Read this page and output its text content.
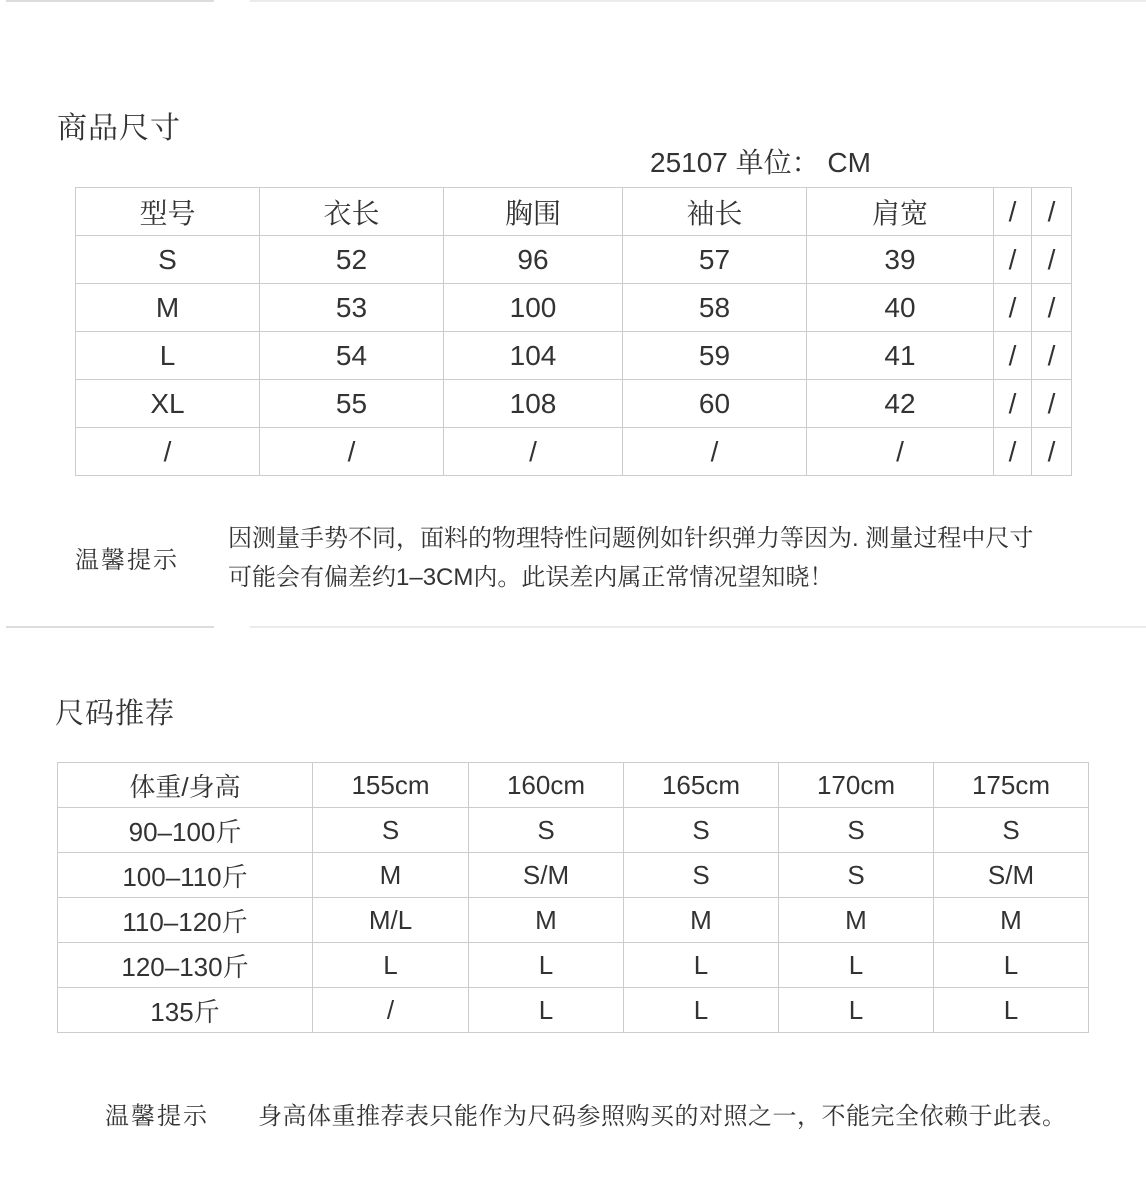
商品尺寸
25107 单位： CM
型号	衣长	胸围	袖长	肩宽	/	/
S	52	96	57	39	/	/
M	53	100	58	40	/	/
L	54	104	59	41	/	/
XL	55	108	60	42	/	/
/	/	/	/	/	/	/
温馨提示
因测量手势不同，面料的物理特性问题例如针织弹力等因为. 测量过程中尺寸可能会有偏差约1–3CM内。此误差内属正常情况望知晓！
尺码推荐
体重/身高	155cm	160cm	165cm	170cm	175cm
90–100斤	S	S	S	S	S
100–110斤	M	S/M	S	S	S/M
110–120斤	M/L	M	M	M	M
120–130斤	L	L	L	L	L
135斤	/	L	L	L	L
温馨提示 身高体重推荐表只能作为尺码参照购买的对照之一，不能完全依赖于此表。
